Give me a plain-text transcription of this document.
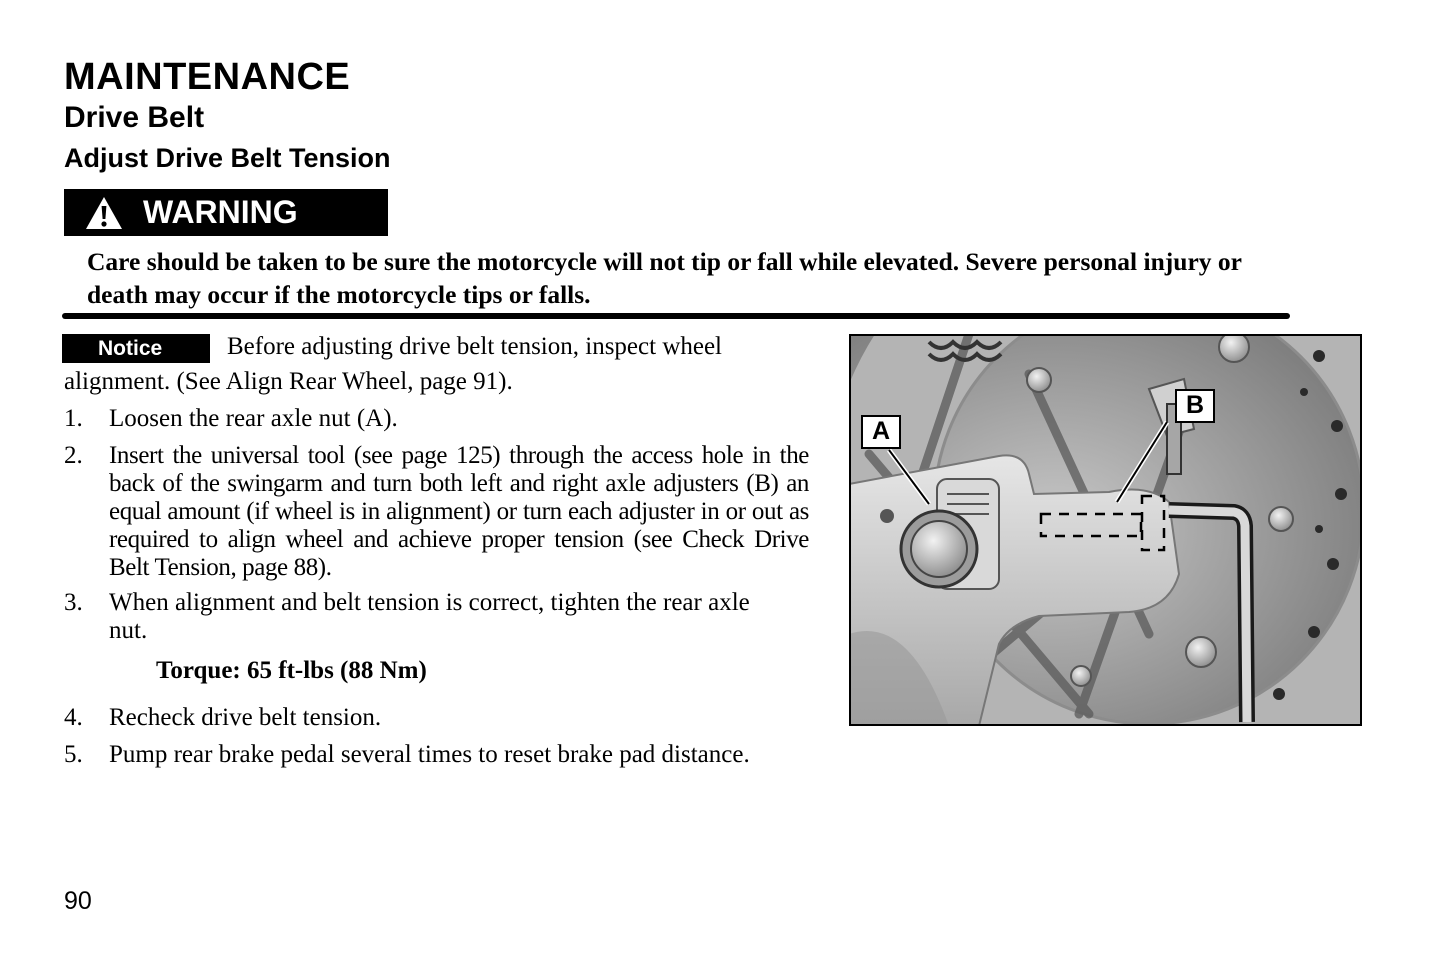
MAINTENANCE
Drive Belt
Adjust Drive Belt Tension
WARNING
Care should be taken to be sure the motorcycle will not tip or fall while elevated. Severe personal injury or death may occur if the motorcycle tips or falls.
Notice	Before adjusting drive belt tension, inspect wheel
alignment. (See Align Rear Wheel, page 91).
1.	Loosen the rear axle nut (A).
2.	Insert the universal tool (see page 125) through the access hole in the back of the swingarm and turn both left and right axle adjusters (B) an equal amount (if wheel is in alignment) or turn each adjuster in or out as required to align wheel and achieve proper tension (see Check Drive Belt Tension, page 88).
3.	When alignment and belt tension is correct, tighten the rear axle nut.
Torque: 65 ft-lbs (88 Nm)
4.	Recheck drive belt tension.
5.	Pump rear brake pedal several times to reset brake pad distance.
A
B
90
